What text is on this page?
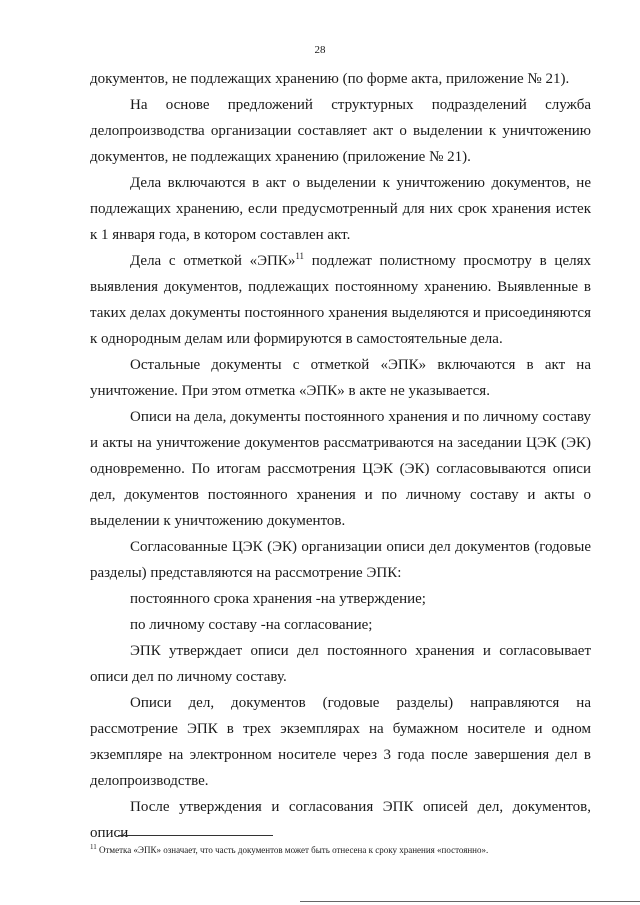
28

документов, не подлежащих хранению (по форме акта, приложение № 21).

На основе предложений структурных подразделений служба делопроизводства организации составляет акт о выделении к уничтожению документов, не подлежащих хранению (приложение № 21).

Дела включаются в акт о выделении к уничтожению документов, не подлежащих хранению, если предусмотренный для них срок хранения истек к 1 января года, в котором составлен акт.

Дела с отметкой «ЭПК»$^{11}$ подлежат полистному просмотру в целях выявления документов, подлежащих постоянному хранению. Выявленные в таких делах документы постоянного хранения выделяются и присоединяются к однородным делам или формируются в самостоятельные дела.

Остальные документы с отметкой «ЭПК» включаются в акт на уничтожение. При этом отметка «ЭПК» в акте не указывается.

Описи на дела, документы постоянного хранения и по личному составу и акты на уничтожение документов рассматриваются на заседании ЦЭК (ЭК) одновременно. По итогам рассмотрения ЦЭК (ЭК) согласовываются описи дел, документов постоянного хранения и по личному составу и акты о выделении к уничтожению документов.

Согласованные ЦЭК (ЭК) организации описи дел документов (годовые разделы) представляются на рассмотрение ЭПК:

постоянного срока хранения -на утверждение;

по личному составу -на согласование;

ЭПК утверждает описи дел постоянного хранения и согласовывает описи дел по личному составу.

Описи дел, документов (годовые разделы) направляются на рассмотрение ЭПК в трех экземплярах на бумажном носителе и одном экземпляре на электронном носителе через 3 года после завершения дел в делопроизводстве.

После утверждения и согласования ЭПК описей дел, документов, описи

$^{11}$ Отметка «ЭПК» означает, что часть документов может быть отнесена к сроку хранения «постоянно».
